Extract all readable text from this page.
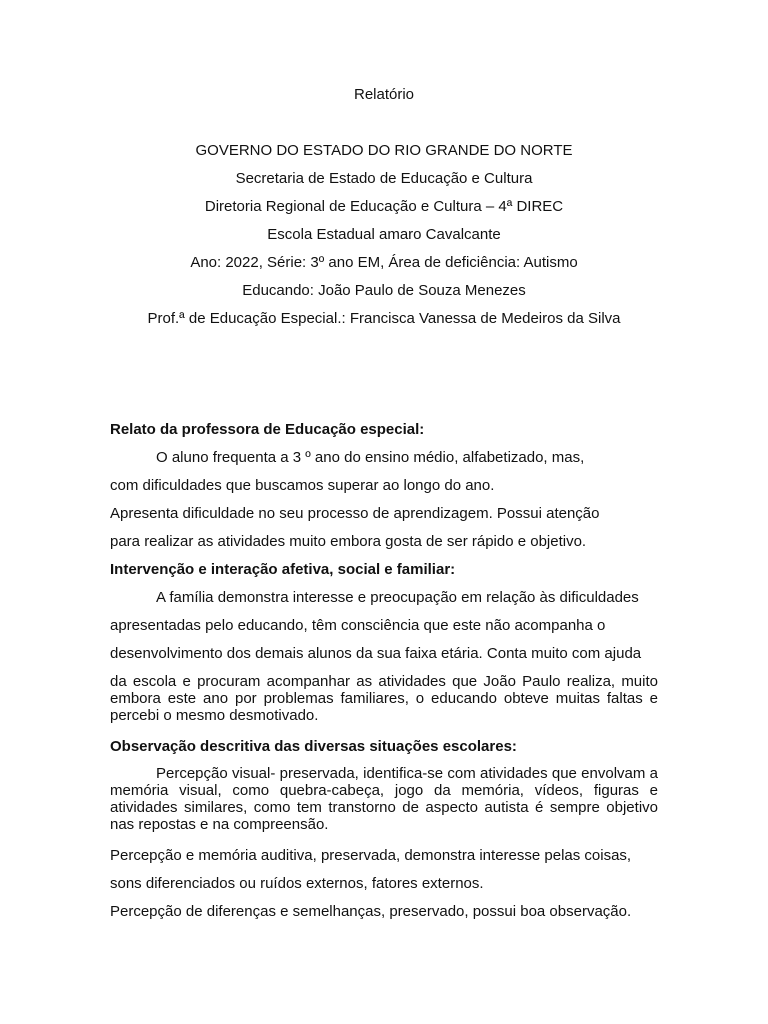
Relatório
GOVERNO DO ESTADO DO RIO GRANDE DO NORTE
Secretaria de Estado de Educação e Cultura
Diretoria Regional de Educação e Cultura – 4ª DIREC
Escola Estadual amaro Cavalcante
Ano: 2022, Série: 3º ano EM, Área de deficiência: Autismo
Educando: João Paulo de Souza Menezes
Prof.ª de Educação Especial.: Francisca Vanessa de Medeiros da Silva
Relato da professora de Educação especial:
O aluno frequenta a 3 º ano do ensino médio, alfabetizado, mas,
com dificuldades que buscamos superar ao longo do ano.
Apresenta dificuldade no seu processo de aprendizagem. Possui atenção
para realizar as atividades muito embora gosta de ser rápido e objetivo.
Intervenção e interação afetiva, social e familiar:
A família demonstra interesse e preocupação em relação às dificuldades
apresentadas pelo educando, têm consciência que este não acompanha o
desenvolvimento dos demais alunos da sua faixa etária. Conta muito com ajuda
da escola e procuram acompanhar as atividades que João Paulo realiza, muito embora este ano por problemas familiares, o educando obteve muitas faltas e percebi o mesmo desmotivado.
Observação descritiva das diversas situações escolares:
Percepção visual- preservada, identifica-se com atividades que envolvam a memória visual, como quebra-cabeça, jogo da memória, vídeos, figuras e atividades similares, como tem transtorno de aspecto autista é sempre objetivo nas repostas e na compreensão.
Percepção e memória auditiva, preservada, demonstra interesse pelas coisas,
sons diferenciados ou ruídos externos, fatores externos.
Percepção de diferenças e semelhanças, preservado, possui boa observação.
